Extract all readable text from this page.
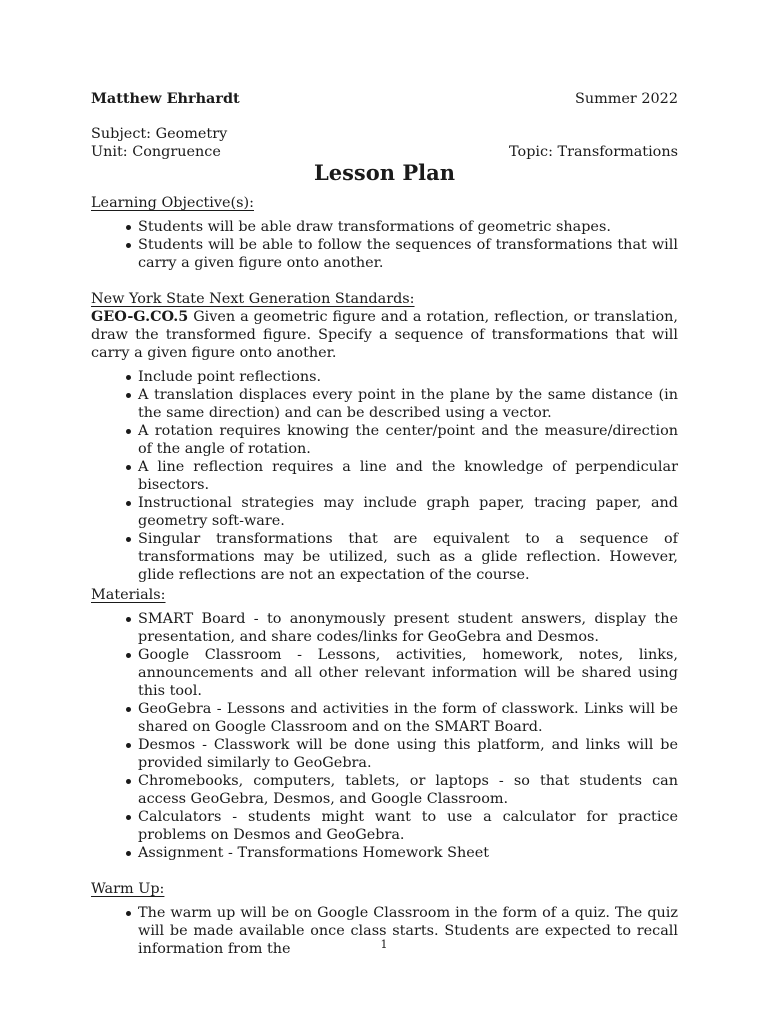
Matthew Ehrhardt	Summer 2022
Subject: Geometry
Unit: Congruence	Topic: Transformations
Lesson Plan
Learning Objective(s):
Students will be able draw transformations of geometric shapes.
Students will be able to follow the sequences of transformations that will carry a given figure onto another.
New York State Next Generation Standards:
GEO-G.CO.5 Given a geometric figure and a rotation, reflection, or translation, draw the transformed figure. Specify a sequence of transformations that will carry a given figure onto another.
Include point reflections.
A translation displaces every point in the plane by the same distance (in the same direction) and can be described using a vector.
A rotation requires knowing the center/point and the measure/direction of the angle of rotation.
A line reflection requires a line and the knowledge of perpendicular bisectors.
Instructional strategies may include graph paper, tracing paper, and geometry soft-ware.
Singular transformations that are equivalent to a sequence of transformations may be utilized, such as a glide reflection. However, glide reflections are not an expectation of the course.
Materials:
SMART Board - to anonymously present student answers, display the presentation, and share codes/links for GeoGebra and Desmos.
Google Classroom - Lessons, activities, homework, notes, links, announcements and all other relevant information will be shared using this tool.
GeoGebra - Lessons and activities in the form of classwork. Links will be shared on Google Classroom and on the SMART Board.
Desmos - Classwork will be done using this platform, and links will be provided similarly to GeoGebra.
Chromebooks, computers, tablets, or laptops - so that students can access GeoGebra, Desmos, and Google Classroom.
Calculators - students might want to use a calculator for practice problems on Desmos and GeoGebra.
Assignment - Transformations Homework Sheet
Warm Up:
The warm up will be on Google Classroom in the form of a quiz. The quiz will be made available once class starts. Students are expected to recall information from the	1
